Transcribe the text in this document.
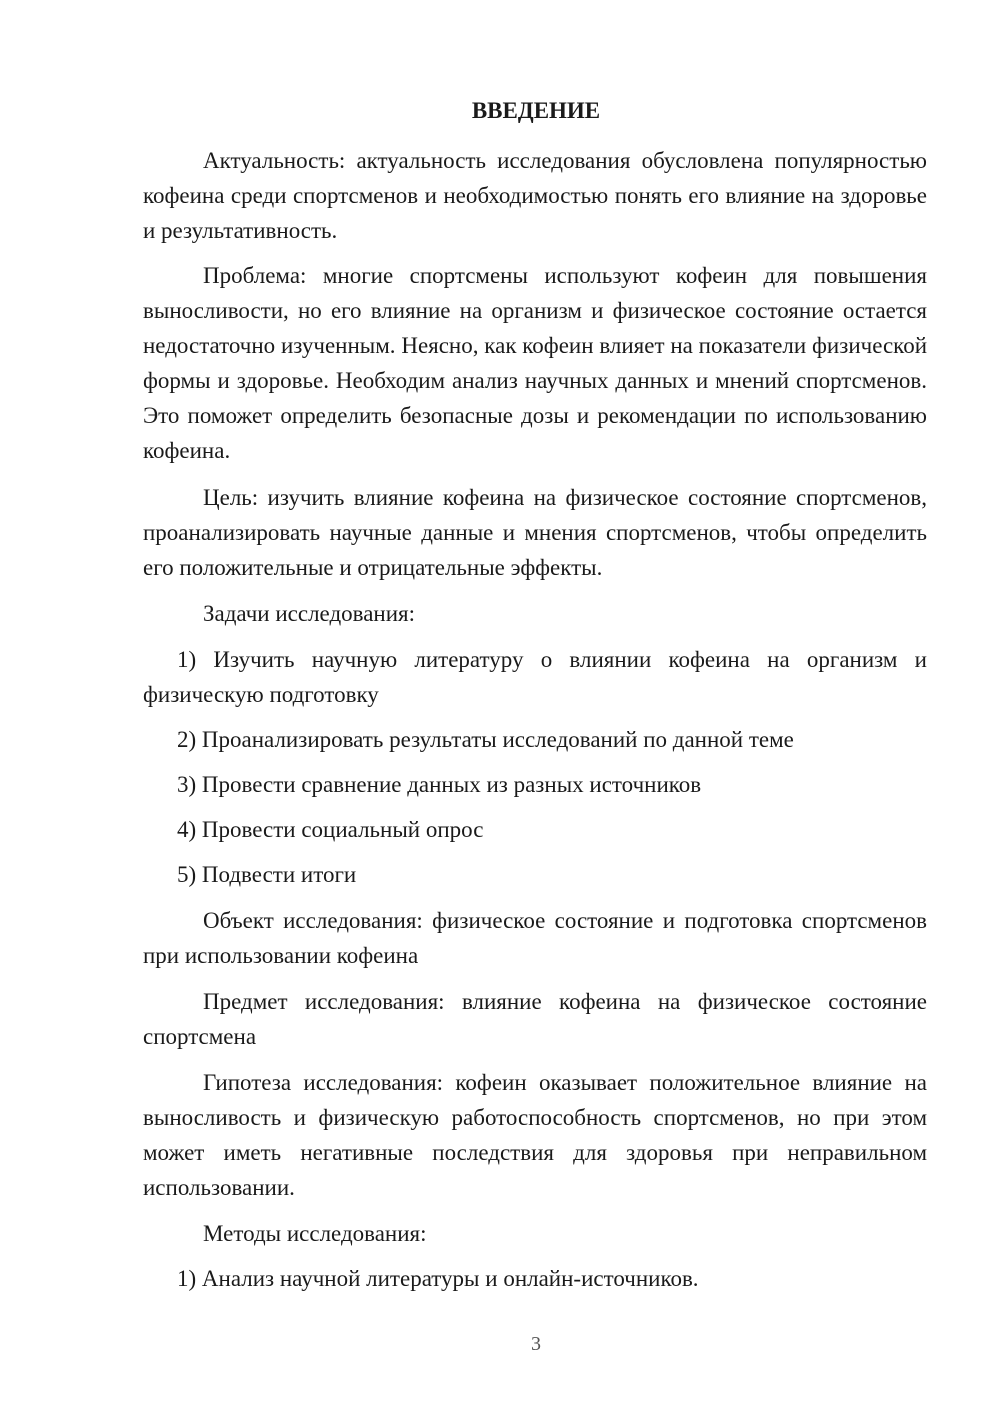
ВВЕДЕНИЕ

Актуальность: актуальность исследования обусловлена популярностью кофеина среди спортсменов и необходимостью понять его влияние на здоровье и результативность.

Проблема: многие спортсмены используют кофеин для повышения выносливости, но его влияние на организм и физическое состояние остается недостаточно изученным. Неясно, как кофеин влияет на показатели физической формы и здоровье. Необходим анализ научных данных и мнений спортсменов. Это поможет определить безопасные дозы и рекомендации по использованию кофеина.

Цель: изучить влияние кофеина на физическое состояние спортсменов, проанализировать научные данные и мнения спортсменов, чтобы определить его положительные и отрицательные эффекты.

Задачи исследования:

1) Изучить научную литературу о влиянии кофеина на организм и физическую подготовку

2) Проанализировать результаты исследований по данной теме

3) Провести сравнение данных из разных источников

4) Провести социальный опрос

5) Подвести итоги

Объект исследования: физическое состояние и подготовка спортсменов при использовании кофеина

Предмет исследования: влияние кофеина на физическое состояние спортсмена

Гипотеза исследования: кофеин оказывает положительное влияние на выносливость и физическую работоспособность спортсменов, но при этом может иметь негативные последствия для здоровья при неправильном использовании.

Методы исследования:

1) Анализ научной литературы и онлайн-источников.

3
